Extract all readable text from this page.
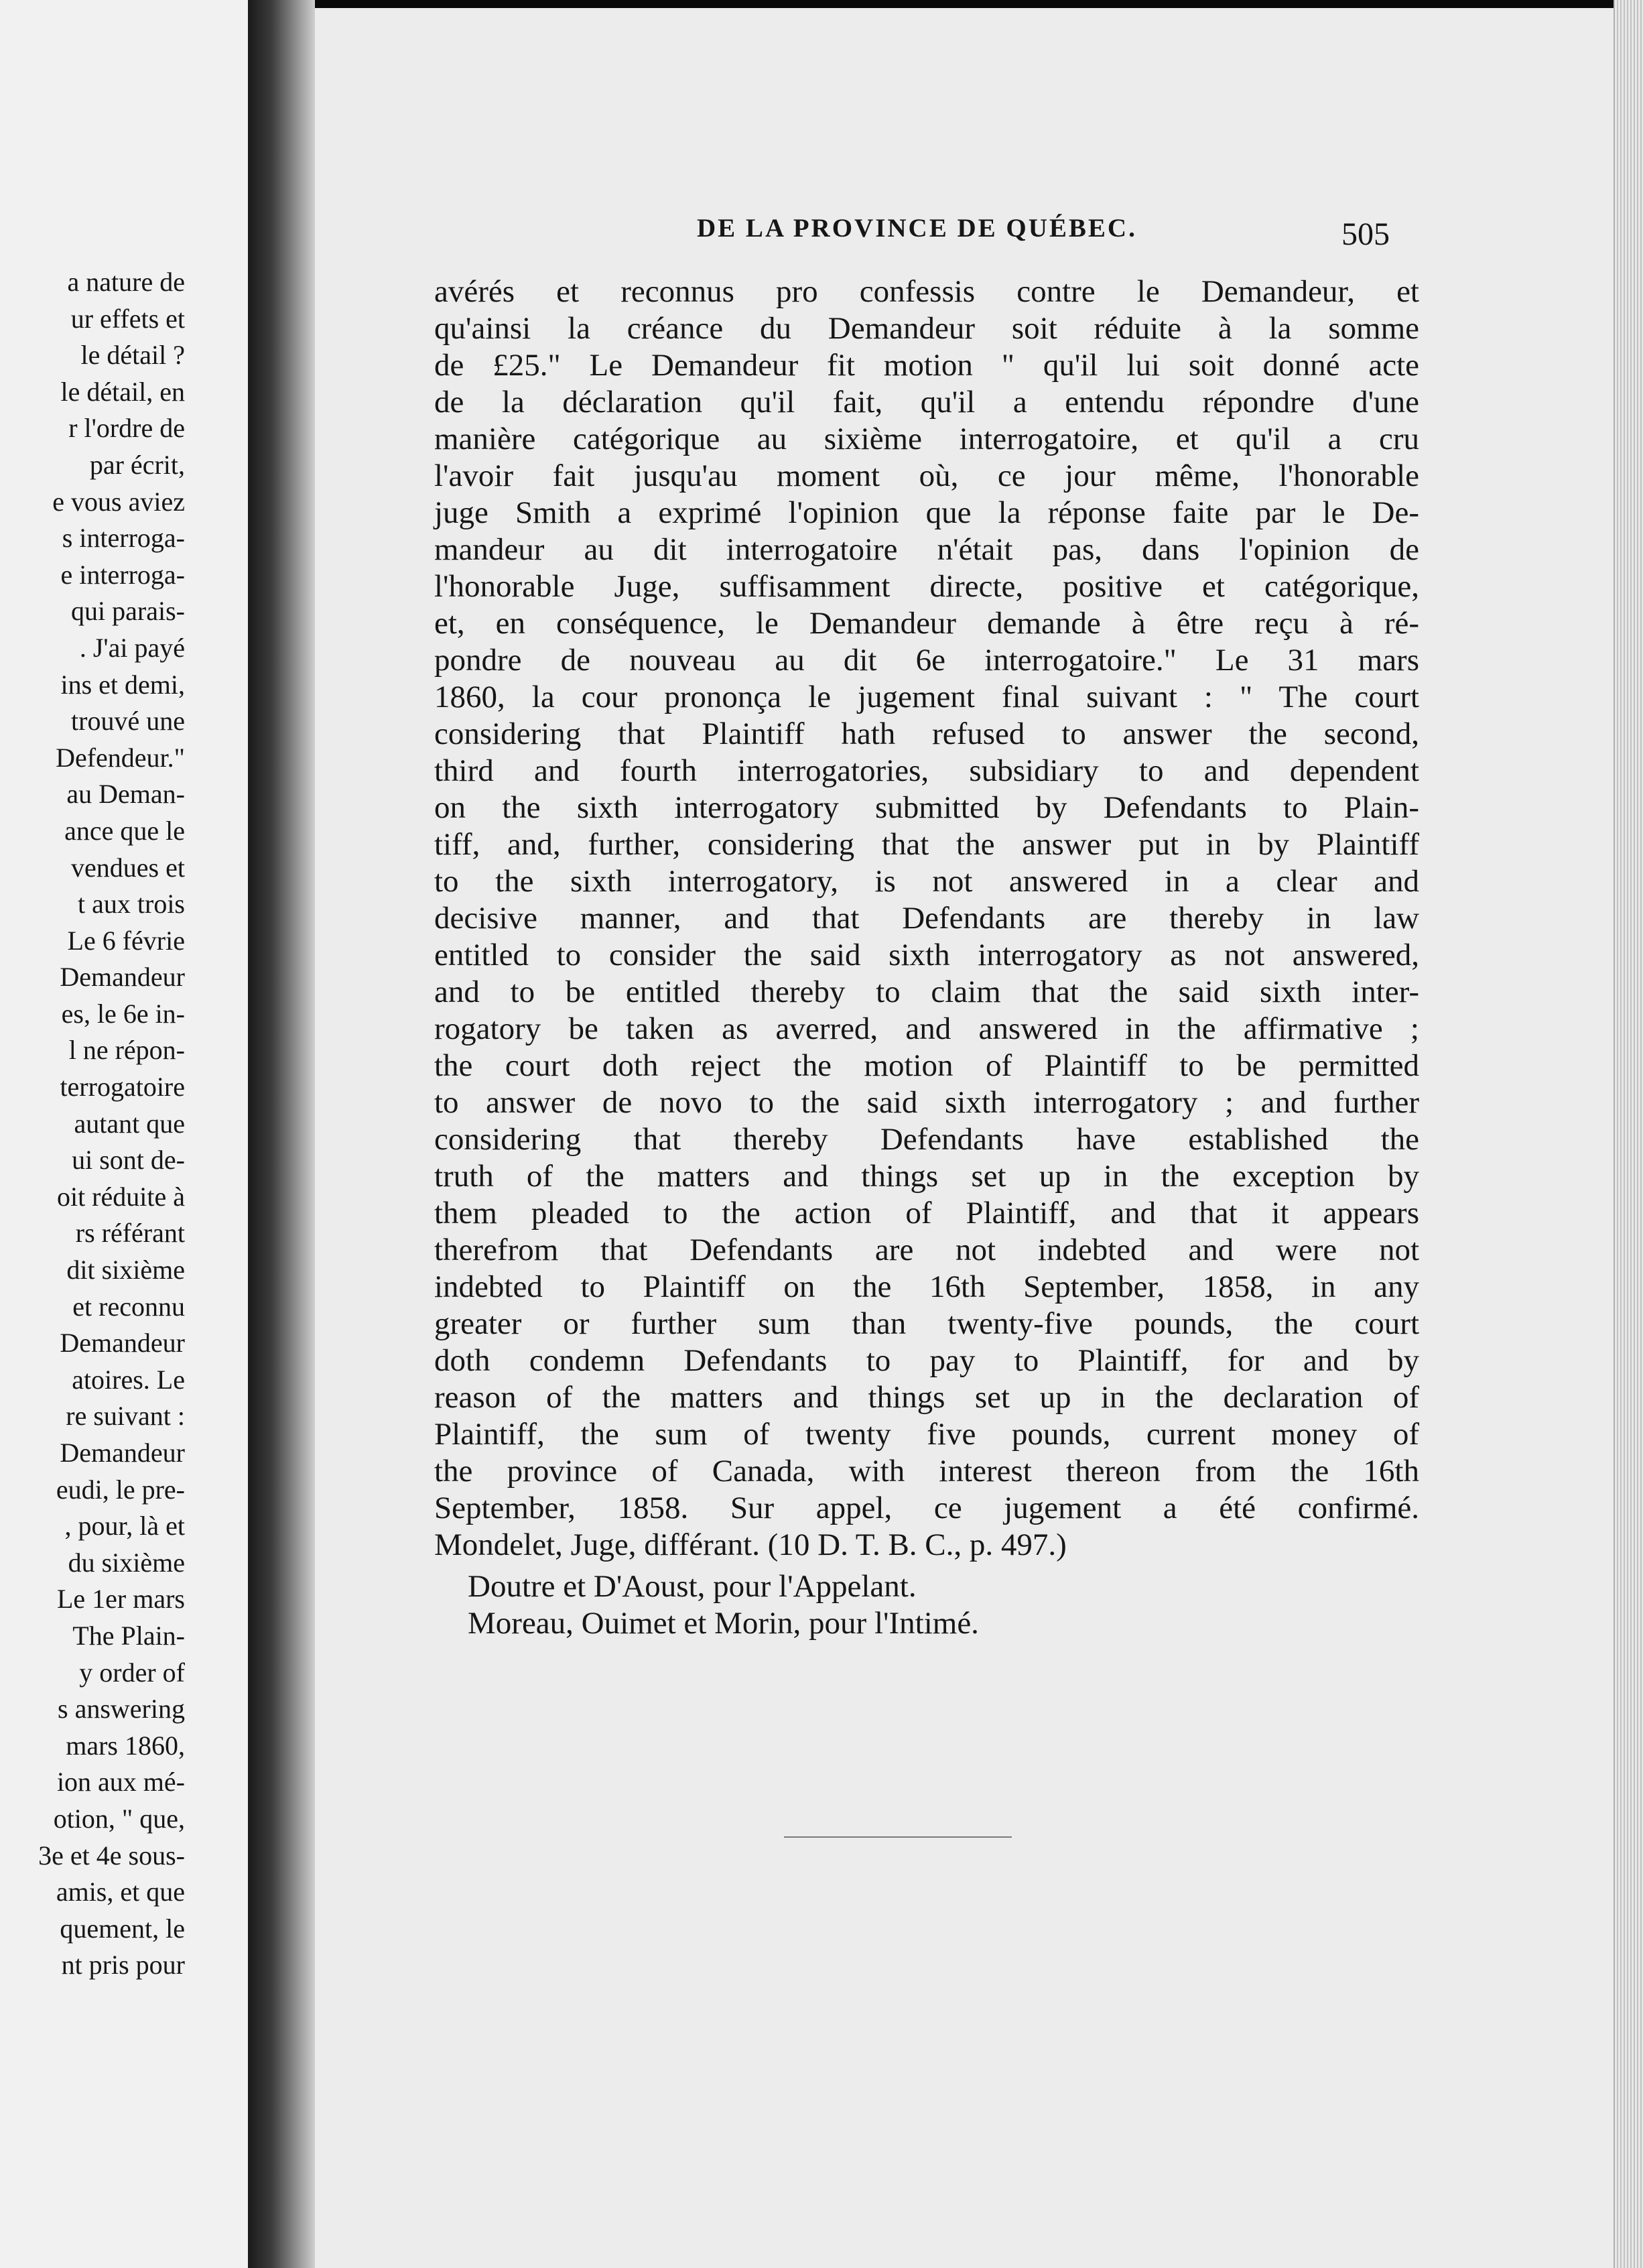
a nature de
ur effets et
le détail ?
le détail, en
r l'ordre de
par écrit,
e vous aviez
s interroga-
e interroga-
qui parais-
. J'ai payé
ins et demi,
trouvé une
Defendeur."
au Deman-
ance que le
vendues et
t aux trois
Le 6 févrie
Demandeur
es, le 6e in-
l ne répon-
terrogatoire
autant que
ui sont de-
oit réduite à
rs référant
dit sixième
et reconnu
Demandeur
atoires. Le
re suivant :
Demandeur
eudi, le pre-
, pour, là et
du sixième
Le 1er mars
The Plain-
y order of
s answering
mars 1860,
ion aux mé-
otion, " que,
3e et 4e sous-
amis, et que
quement, le
nt pris pour
DE LA PROVINCE DE QUÉBEC.	505
avérés et reconnus pro confessis contre le Demandeur, et
qu'ainsi la créance du Demandeur soit réduite à la somme
de £25." Le Demandeur fit motion " qu'il lui soit donné acte
de la déclaration qu'il fait, qu'il a entendu répondre d'une
manière catégorique au sixième interrogatoire, et qu'il a cru
l'avoir fait jusqu'au moment où, ce jour même, l'honorable
juge Smith a exprimé l'opinion que la réponse faite par le De-
mandeur au dit interrogatoire n'était pas, dans l'opinion de
l'honorable Juge, suffisamment directe, positive et catégorique,
et, en conséquence, le Demandeur demande à être reçu à ré-
pondre de nouveau au dit 6e interrogatoire." Le 31 mars
1860, la cour prononça le jugement final suivant : " The court
considering that Plaintiff hath refused to answer the second,
third and fourth interrogatories, subsidiary to and dependent
on the sixth interrogatory submitted by Defendants to Plain-
tiff, and, further, considering that the answer put in by Plaintiff
to the sixth interrogatory, is not answered in a clear and
decisive manner, and that Defendants are thereby in law
entitled to consider the said sixth interrogatory as not answered,
and to be entitled thereby to claim that the said sixth inter-
rogatory be taken as averred, and answered in the affirmative ;
the court doth reject the motion of Plaintiff to be permitted
to answer de novo to the said sixth interrogatory ; and further
considering that thereby Defendants have established the
truth of the matters and things set up in the exception by
them pleaded to the action of Plaintiff, and that it appears
therefrom that Defendants are not indebted and were not
indebted to Plaintiff on the 16th September, 1858, in any
greater or further sum than twenty-five pounds, the court
doth condemn Defendants to pay to Plaintiff, for and by
reason of the matters and things set up in the declaration of
Plaintiff, the sum of twenty five pounds, current money of
the province of Canada, with interest thereon from the 16th
September, 1858. Sur appel, ce jugement a été confirmé.
Mondelet, Juge, différant. (10 D. T. B. C., p. 497.)
Doutre et D'Aoust, pour l'Appelant.
Moreau, Ouimet et Morin, pour l'Intimé.
